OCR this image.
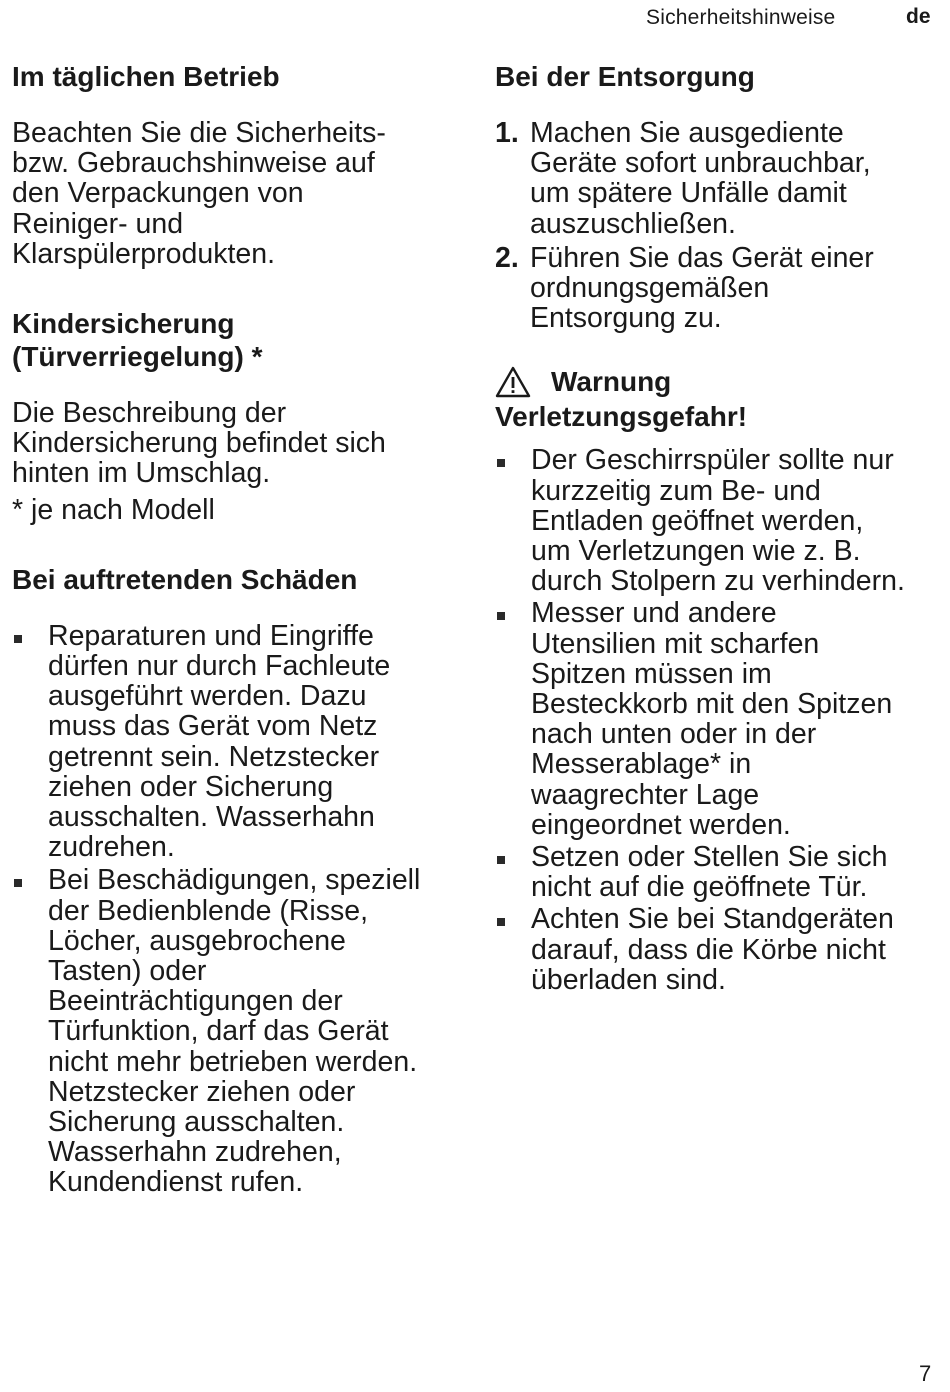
Sicherheitshinweise	de
Im täglichen Betrieb

Beachten Sie die Sicherheits-
bzw. Gebrauchshinweise auf
den Verpackungen von
Reiniger- und
Klarspülerprodukten.

Kindersicherung
(Türverriegelung) *

Die Beschreibung der
Kindersicherung befindet sich
hinten im Umschlag.

* je nach Modell

Bei auftretenden Schäden
Reparaturen und Eingriffe
dürfen nur durch Fachleute
ausgeführt werden. Dazu
muss das Gerät vom Netz
getrennt sein. Netzstecker
ziehen oder Sicherung
ausschalten. Wasserhahn
zudrehen.
Bei Beschädigungen, speziell
der Bedienblende (Risse,
Löcher, ausgebrochene
Tasten) oder
Beeinträchtigungen der
Türfunktion, darf das Gerät
nicht mehr betrieben werden.
Netzstecker ziehen oder
Sicherung ausschalten.
Wasserhahn zudrehen,
Kundendienst rufen.
Bei der Entsorgung
1. Machen Sie ausgediente
Geräte sofort unbrauchbar,
um spätere Unfälle damit
auszuschließen.
2. Führen Sie das Gerät einer
ordnungsgemäßen
Entsorgung zu.
Warnung
Verletzungsgefahr!
Der Geschirrspüler sollte nur
kurzzeitig zum Be- und
Entladen geöffnet werden,
um Verletzungen wie z. B.
durch Stolpern zu verhindern.
Messer und andere
Utensilien mit scharfen
Spitzen müssen im
Besteckkorb mit den Spitzen
nach unten oder in der
Messerablage* in
waagrechter Lage
eingeordnet werden.
Setzen oder Stellen Sie sich
nicht auf die geöffnete Tür.
Achten Sie bei Standgeräten
darauf, dass die Körbe nicht
überladen sind.
7
